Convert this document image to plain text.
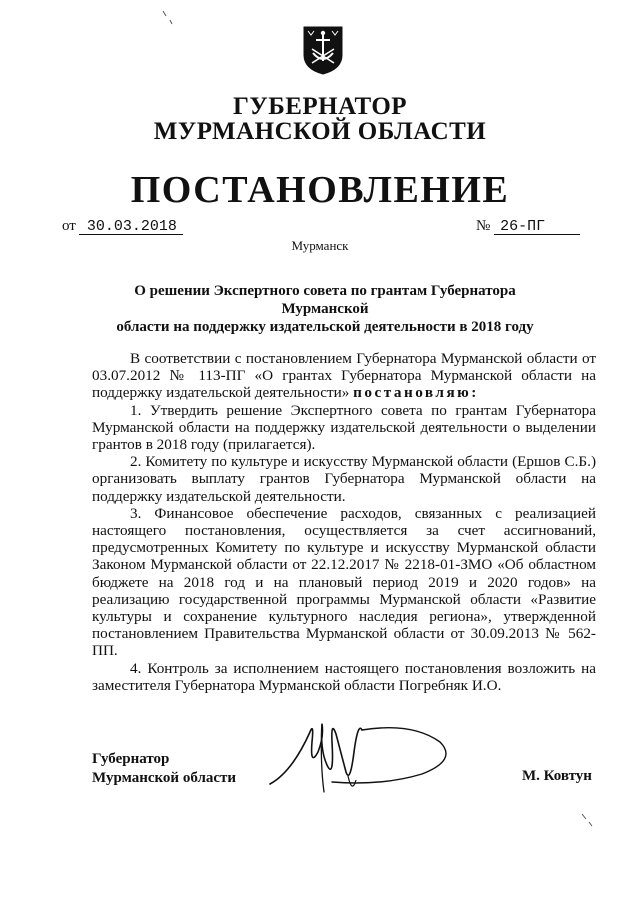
ГУБЕРНАТОР
МУРМАНСКОЙ ОБЛАСТИ
ПОСТАНОВЛЕНИЕ
от 30.03.2018	№ 26-ПГ
Мурманск
О решении Экспертного совета по грантам Губернатора Мурманской
области на поддержку издательской деятельности в 2018 году

В соответствии с постановлением Губернатора Мурманской области от 03.07.2012 № 113-ПГ «О грантах Губернатора Мурманской области на поддержку издательской деятельности» постановляю:

1. Утвердить решение Экспертного совета по грантам Губернатора Мурманской области на поддержку издательской деятельности о выделении грантов в 2018 году (прилагается).

2. Комитету по культуре и искусству Мурманской области (Ершов С.Б.) организовать выплату грантов Губернатора Мурманской области на поддержку издательской деятельности.

3. Финансовое обеспечение расходов, связанных с реализацией настоящего постановления, осуществляется за счет ассигнований, предусмотренных Комитету по культуре и искусству Мурманской области Законом Мурманской области от 22.12.2017 № 2218-01-ЗМО «Об областном бюджете на 2018 год и на плановый период 2019 и 2020 годов» на реализацию государственной программы Мурманской области «Развитие культуры и сохранение культурного наследия региона», утвержденной постановлением Правительства Мурманской области от 30.09.2013 № 562-ПП.

4. Контроль за исполнением настоящего постановления возложить на заместителя Губернатора Мурманской области Погребняк И.О.

Губернатор
Мурманской области	М. Ковтун
